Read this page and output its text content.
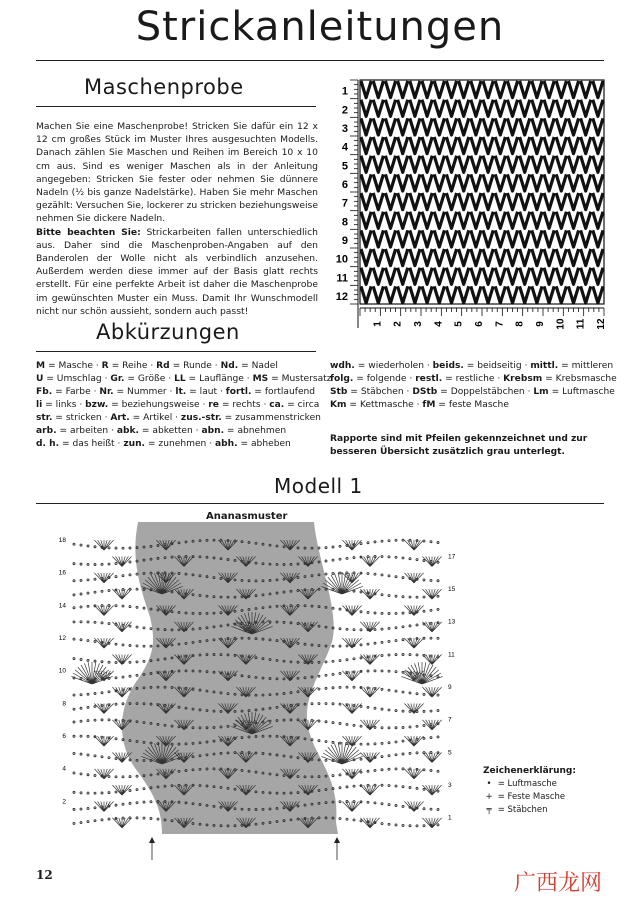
Strickanleitungen
Maschenprobe
Machen Sie eine Maschenprobe! Stricken Sie dafür ein 12 x 12 cm großes Stück im Muster Ihres ausgesuchten Modells. Danach zählen Sie Maschen und Reihen im Bereich 10 x 10 cm aus. Sind es weniger Maschen als in der Anleitung angegeben: Stricken Sie fester oder nehmen Sie dünnere Nadeln (½ bis ganze Nadelstärke). Haben Sie mehr Maschen gezählt: Versuchen Sie, lockerer zu stricken beziehungsweise nehmen Sie dickere Nadeln.
Bitte beachten Sie: Strickarbeiten fallen unterschiedlich aus. Daher sind die Maschenproben-Angaben auf den Banderolen der Wolle nicht als verbindlich anzusehen. Außerdem werden diese immer auf der Basis glatt rechts erstellt. Für eine perfekte Arbeit ist daher die Maschenprobe im gewünschten Muster ein Muss. Damit Ihr Wunschmodell nicht nur schön aussieht, sondern auch passt!
1
2
3
4
5
6
7
8
9
10
11
12
1 2 3 4 5 6 7 8 9 10 11 12
Abkürzungen
M = Masche · R = Reihe · Rd = Runde · Nd. = Nadel
U = Umschlag · Gr. = Größe · LL = Lauflänge · MS = Mustersatz
Fb. = Farbe · Nr. = Nummer · lt. = laut · fortl. = fortlaufend
li = links · bzw. = beziehungsweise · re = rechts · ca. = circa
str. = stricken · Art. = Artikel · zus.-str. = zusammenstricken
arb. = arbeiten · abk. = abketten · abn. = abnehmen
d. h. = das heißt · zun. = zunehmen · abh. = abheben
wdh. = wiederholen · beids. = beidseitig · mittl. = mittleren
folg. = folgende · restl. = restliche · Krebsm = Krebsmasche
Stb = Stäbchen · DStb = Doppelstäbchen · Lm = Luftmasche
Km = Kettmasche · fM = feste Masche
Rapporte sind mit Pfeilen gekennzeichnet und zur besseren Übersicht zusätzlich grau unterlegt.
Modell 1
Ananasmuster
18
16
14
12
10
8
6
4
2
17
15
13
11
9
7
5
3
1
Zeichenerklärung:
• = Luftmasche
+ = Feste Masche
╤ = Stäbchen
12	广西龙网
